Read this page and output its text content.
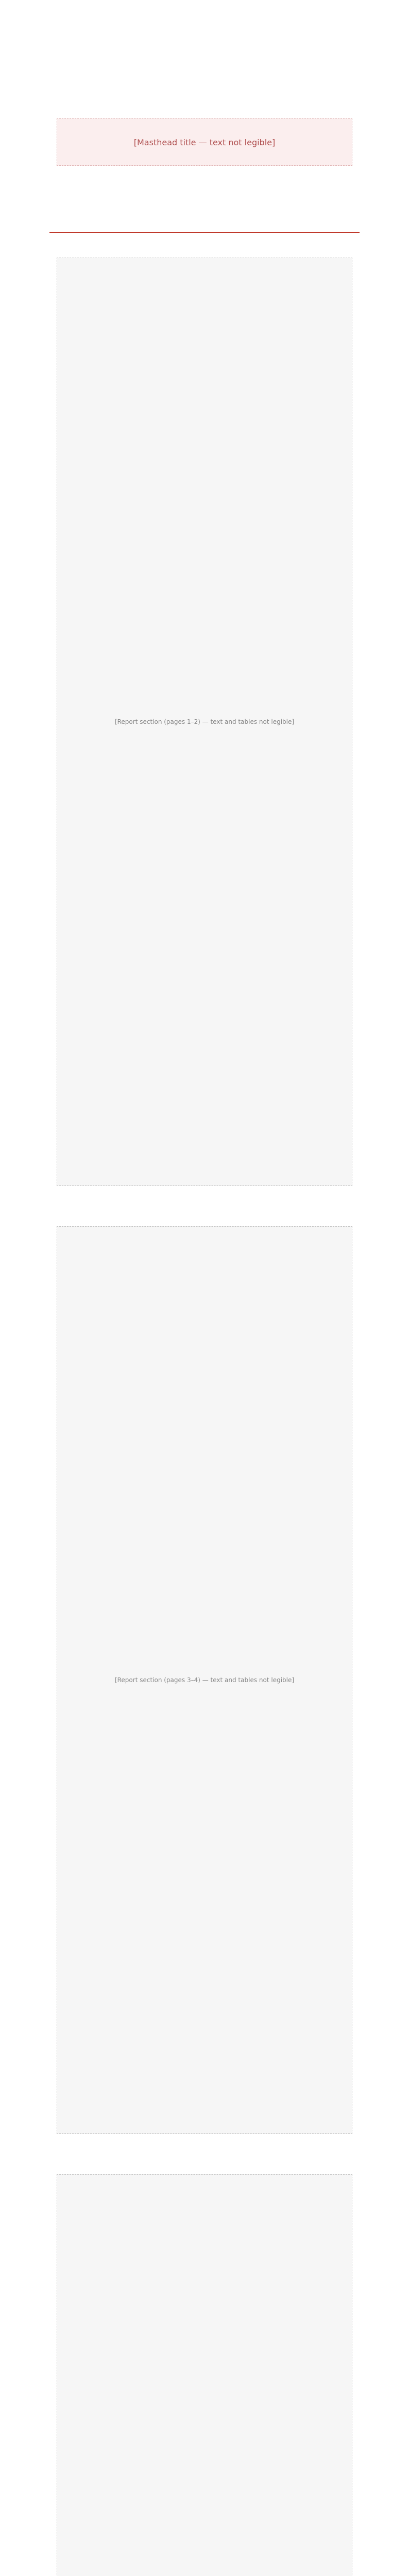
[Masthead title — text not legible]
[Report section (pages 1–2) — text and tables not legible]
[Report section (pages 3–4) — text and tables not legible]
